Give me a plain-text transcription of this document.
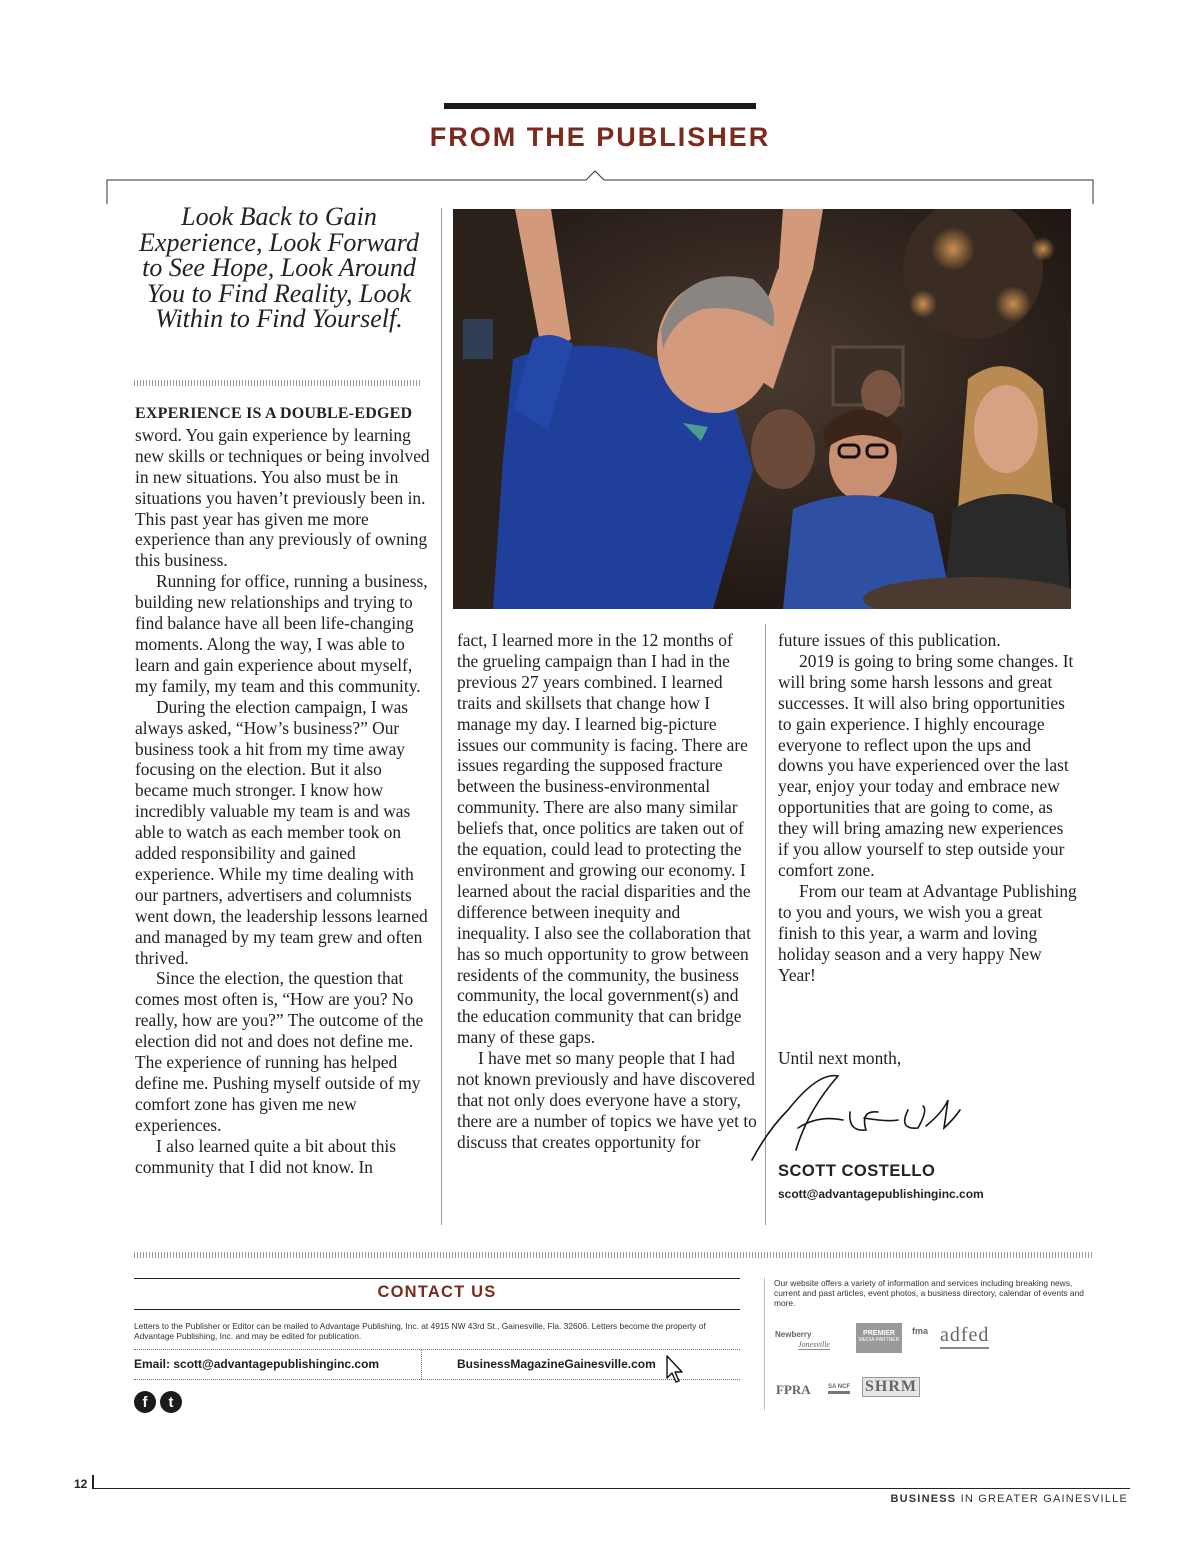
FROM THE PUBLISHER
Look Back to Gain Experience, Look Forward to See Hope, Look Around You to Find Reality, Look Within to Find Yourself.

EXPERIENCE IS A DOUBLE-EDGED sword. You gain experience by learning new skills or techniques or being involved in new situations. You also must be in situations you haven’t previously been in. This past year has given me more experience than any previously of owning this business.

Running for office, running a business, building new relationships and trying to find balance have all been life-changing moments. Along the way, I was able to learn and gain experience about myself, my family, my team and this community.

During the election campaign, I was always asked, “How’s business?” Our business took a hit from my time away focusing on the election. But it also became much stronger. I know how incredibly valuable my team is and was able to watch as each member took on added responsibility and gained experience. While my time dealing with our partners, advertisers and columnists went down, the leadership lessons learned and managed by my team grew and often thrived.

Since the election, the question that comes most often is, “How are you? No really, how are you?” The outcome of the election did not and does not define me. The experience of running has helped define me. Pushing myself outside of my comfort zone has given me new experiences.

I also learned quite a bit about this community that I did not know. In

fact, I learned more in the 12 months of the grueling campaign than I had in the previous 27 years combined. I learned traits and skillsets that change how I manage my day. I learned big-picture issues our community is facing. There are issues regarding the supposed fracture between the business-environmental community. There are also many similar beliefs that, once politics are taken out of the equation, could lead to protecting the environment and growing our economy. I learned about the racial disparities and the difference between inequity and inequality. I also see the collaboration that has so much opportunity to grow between residents of the community, the business community, the local government(s) and the education community that can bridge many of these gaps.

I have met so many people that I had not known previously and have discovered that not only does everyone have a story, there are a number of topics we have yet to discuss that creates opportunity for

future issues of this publication.

2019 is going to bring some changes. It will bring some harsh lessons and great successes. It will also bring opportunities to gain experience. I highly encourage everyone to reflect upon the ups and downs you have experienced over the last year, enjoy your today and embrace new opportunities that are going to come, as they will bring amazing new experiences if you allow yourself to step outside your comfort zone.

From our team at Advantage Publishing to you and yours, we wish you a great finish to this year, a warm and loving holiday season and a very happy New Year!

Until next month,
SCOTT COSTELLO
scott@advantagepublishinginc.com
CONTACT US
Letters to the Publisher or Editor can be mailed to Advantage Publishing, Inc. at 4915 NW 43rd St., Gainesville, Fla. 32606. Letters become the property of Advantage Publishing, Inc. and may be edited for publication.
Email: scott@advantagepublishinginc.com	BusinessMagazineGainesville.com
f	t
Our website offers a variety of information and services including breaking news, current and past articles, event photos, a business directory, calendar of events and more.
Newberry
Jonesville
PREMIER
MEDIA PARTNER
fma adfed
FPRA	SA NCF SHRM
12
BUSINESS IN GREATER GAINESVILLE
